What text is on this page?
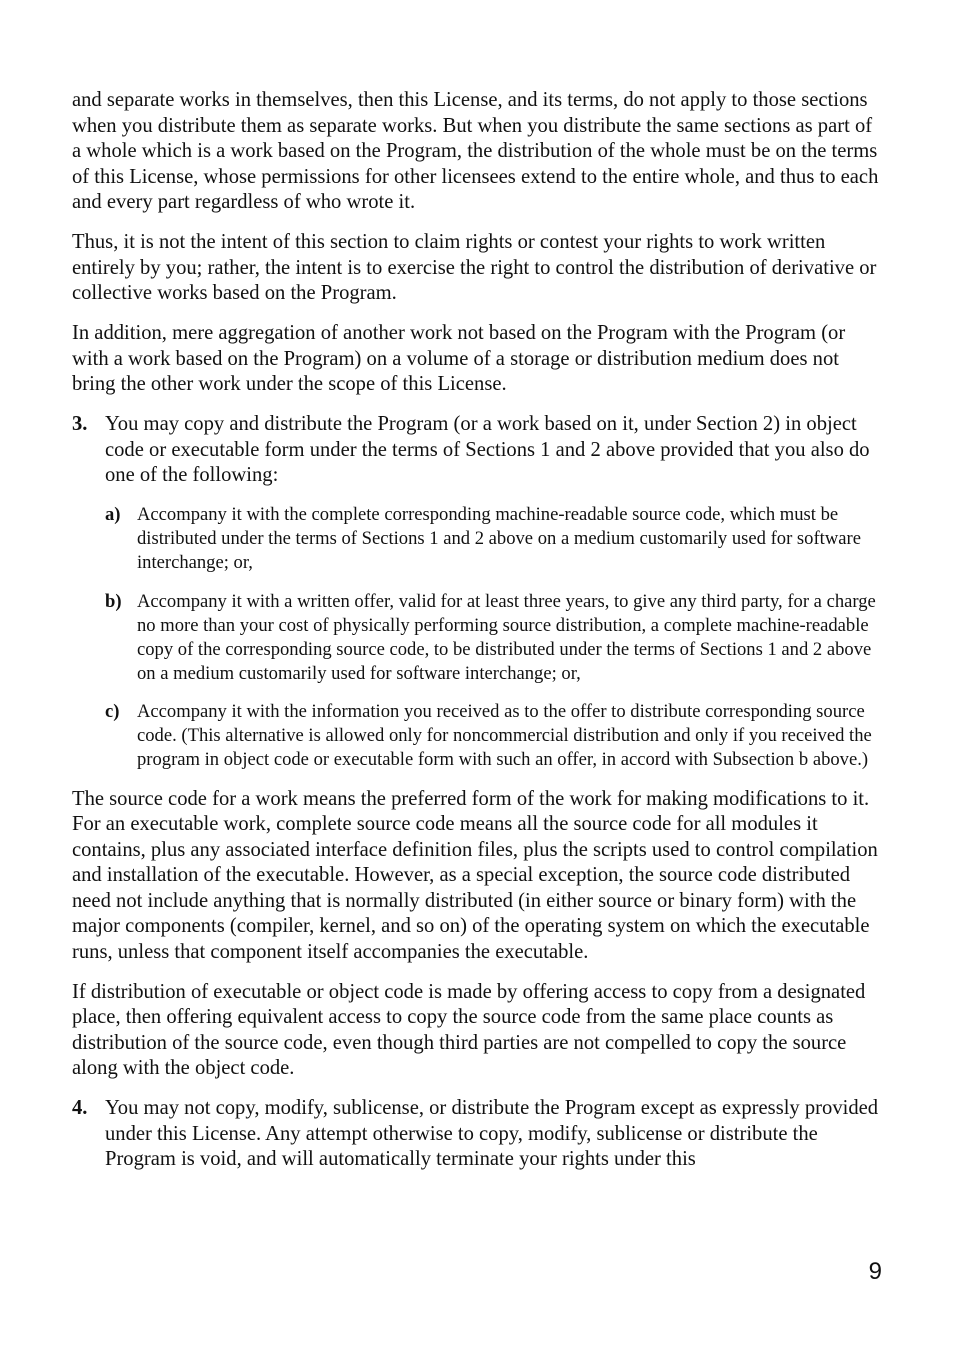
and separate works in themselves, then this License, and its terms, do not apply to those sections when you distribute them as separate works. But when you distribute the same sections as part of a whole which is a work based on the Program, the distribution of the whole must be on the terms of this License, whose permissions for other licensees extend to the entire whole, and thus to each and every part regardless of who wrote it.

Thus, it is not the intent of this section to claim rights or contest your rights to work written entirely by you; rather, the intent is to exercise the right to control the distribution of derivative or collective works based on the Program.

In addition, mere aggregation of another work not based on the Program with the Program (or with a work based on the Program) on a volume of a storage or distribution medium does not bring the other work under the scope of this License.

3. You may copy and distribute the Program (or a work based on it, under Section 2) in object code or executable form under the terms of Sections 1 and 2 above provided that you also do one of the following:
a) Accompany it with the complete corresponding machine-readable source code, which must be distributed under the terms of Sections 1 and 2 above on a medium customarily used for software interchange; or,
b) Accompany it with a written offer, valid for at least three years, to give any third party, for a charge no more than your cost of physically performing source distribution, a complete machine-readable copy of the corresponding source code, to be distributed under the terms of Sections 1 and 2 above on a medium customarily used for software interchange; or,
c) Accompany it with the information you received as to the offer to distribute corresponding source code. (This alternative is allowed only for noncommercial distribution and only if you received the program in object code or executable form with such an offer, in accord with Subsection b above.)

The source code for a work means the preferred form of the work for making modifications to it. For an executable work, complete source code means all the source code for all modules it contains, plus any associated interface definition files, plus the scripts used to control compilation and installation of the executable. However, as a special exception, the source code distributed need not include anything that is normally distributed (in either source or binary form) with the major components (compiler, kernel, and so on) of the operating system on which the executable runs, unless that component itself accompanies the executable.

If distribution of executable or object code is made by offering access to copy from a designated place, then offering equivalent access to copy the source code from the same place counts as distribution of the source code, even though third parties are not compelled to copy the source along with the object code.

4. You may not copy, modify, sublicense, or distribute the Program except as expressly provided under this License. Any attempt otherwise to copy, modify, sublicense or distribute the Program is void, and will automatically terminate your rights under this
9
